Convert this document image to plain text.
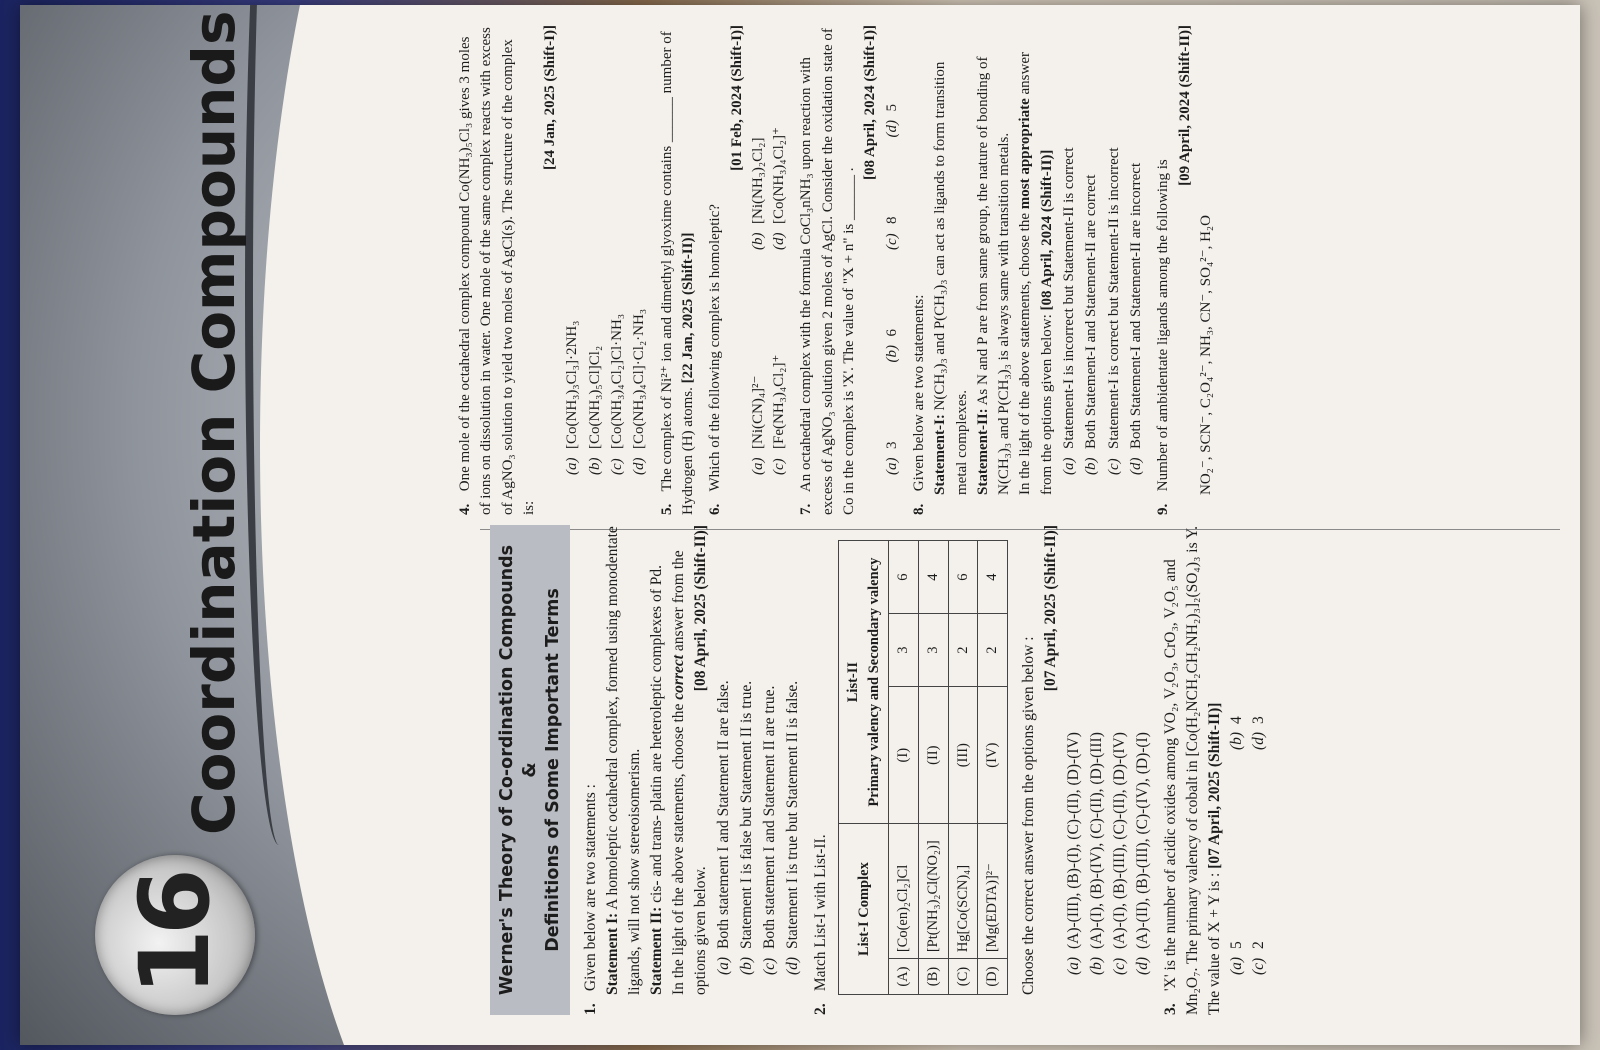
16
Coordination Compounds	Werner's Theory of Co-ordination Compounds & Definitions of Some Important Terms
1. Given below are two statements : Statement I: A homoleptic octahedral complex, formed using monodentate ligands, will not show stereoisomerism. Statement II: cis- and trans- platin are heteroleptic complexes of Pd. In the light of the above statements, choose the correct answer from the options given below.
[08 April, 2025 (Shift-II)]
(a)Both statement I and Statement II are false.
(b)Statement I is false but Statement II is true.
(c)Both statement I and Statement II are true.
(d)Statement I is true but Statement II is false.
2. Match List-I with List-II. List-I Complex		List-II Primary valency and Secondary valency		

(A)	[Co(en)₂Cl₂]Cl	(I)	3	6
(B)	[Pt(NH₃)₂Cl(NO₂)]	(II)	3	4
(C)	Hg[Co(SCN)₄]	(III)	2	6
(D)	[Mg(EDTA)]²⁻	(IV)	2	4
Choose the correct answer from the options given below :
[07 April, 2025 (Shift-II)]
(a)(A)-(III), (B)-(I), (C)-(II), (D)-(IV)
(b)(A)-(I), (B)-(IV), (C)-(II), (D)-(III)
(c)(A)-(I), (B)-(III), (C)-(II), (D)-(IV)
(d)(A)-(II), (B)-(III), (C)-(IV), (D)-(I)
3. 'X' is the number of acidic oxides among VO₂, V₂O₃, CrO₃, V₂O₅ and Mn₂O₇. The primary valency of cobalt in [Co(H₂NCH₂CH₂NH₂)₃]₂(SO₄)₃ is Y. The value of X + Y is : [07 April, 2025 (Shift-II)]
(a)5
(b)4
(c)2
(d)3
4. One mole of the octahedral complex compound Co(NH₃)₅Cl₃ gives 3 moles of ions on dissolution in water. One mole of the same complex reacts with excess of AgNO₃ solution to yield two moles of AgCl(s). The structure of the complex is:
[24 Jan, 2025 (Shift-I)]
(a)[Co(NH₃)₃Cl₃]·2NH₃
(b)[Co(NH₃)₅Cl]Cl₂
(c)[Co(NH₃)₄Cl₂]Cl·NH₃
(d)[Co(NH₃)₄Cl]·Cl₂·NH₃
5. The complex of Ni²⁺ ion and dimethyl glyoxime contains ______ number of Hydrogen (H) atoms. [22 Jan, 2025 (Shift-II)]
6. Which of the following complex is homoleptic?
[01 Feb, 2024 (Shift-I)]
(a)[Ni(CN)₄]²⁻
(b)[Ni(NH₃)₂Cl₂]
(c)[Fe(NH₃)₄Cl₂]⁺
(d)[Co(NH₃)₄Cl₂]⁺
7. An octahedral complex with the formula CoCl₃nNH₃ upon reaction with excess of AgNO₃ solution given 2 moles of AgCl. Consider the oxidation state of Co in the complex is 'X'. The value of "X + n" is ______ .
[08 April, 2024 (Shift-I)]
(a)3
(b)6
(c)8
(d)5
8. Given below are two statements: Statement-I: N(CH₃)₃ and P(CH₃)₃ can act as ligands to form transition metal complexes. Statement-II: As N and P are from same group, the nature of bonding of N(CH₃)₃ and P(CH₃)₃ is always same with transition metals. In the light of the above statements, choose the most appropriate answer from the options given below: [08 April, 2024 (Shift-II)]
(a)Statement-I is incorrect but Statement-II is correct
(b)Both Statement-I and Statement-II are correct
(c)Statement-I is correct but Statement-II is incorrect
(d)Both Statement-I and Statement-II are incorrect
9. Number of ambidentate ligands among the following is
[09 April, 2024 (Shift-II)]
NO₂⁻, SCN⁻, C₂O₄²⁻, NH₃, CN⁻, SO₄²⁻, H₂O
